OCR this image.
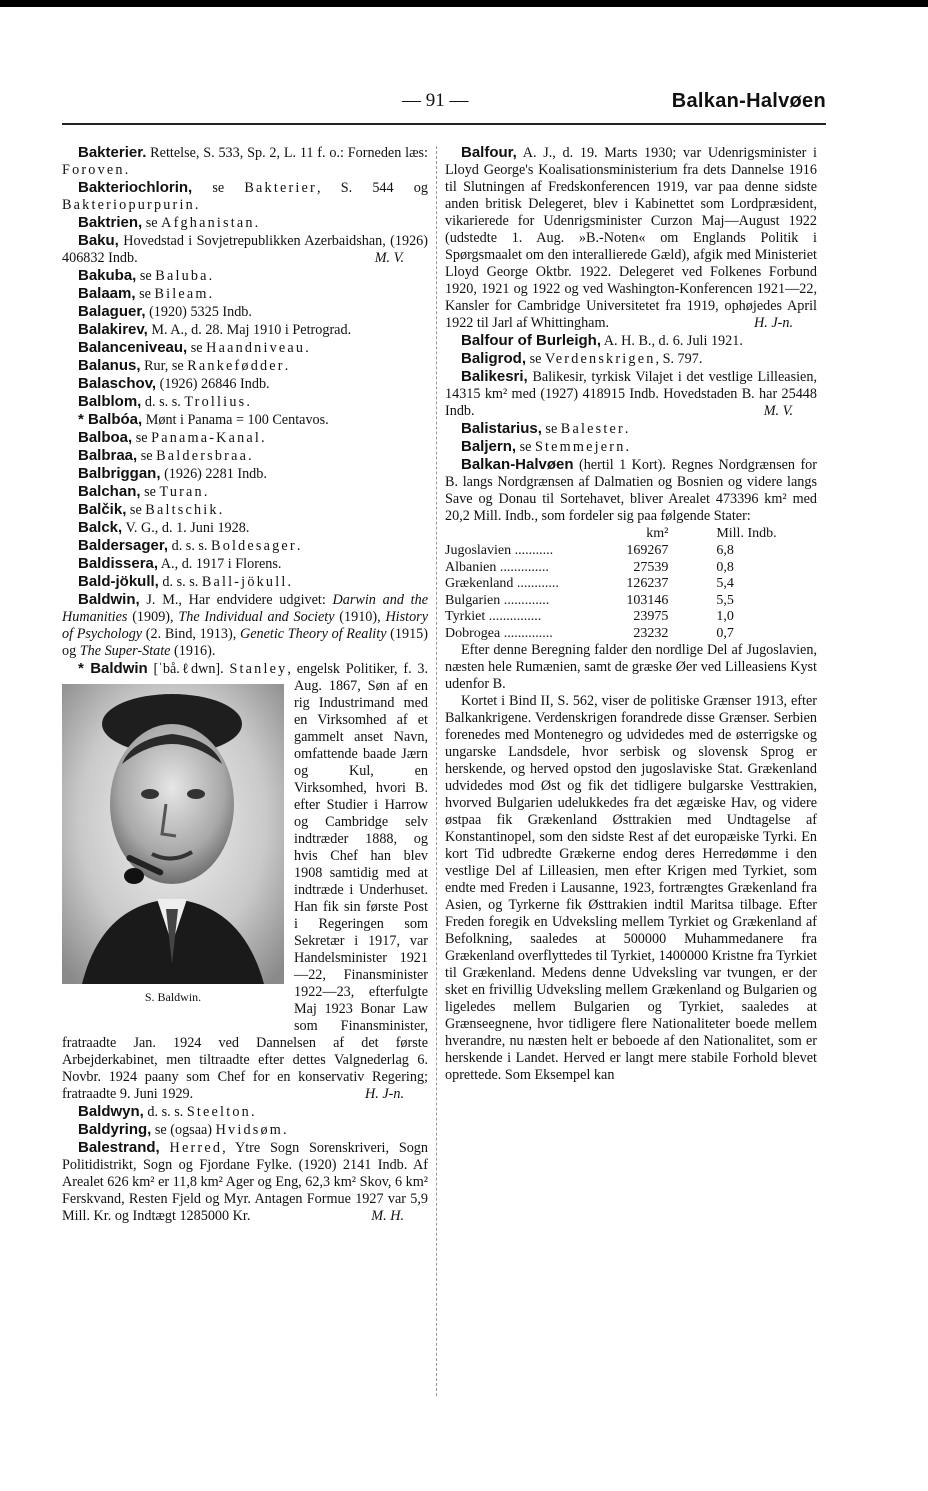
— 91 —	Balkan-Halvøen

Bakterier. Rettelse, S. 533, Sp. 2, L. 11 f. o.: Forneden læs: Foroven.

Bakteriochlorin, se Bakterier, S. 544 og Bakteriopurpurin.

Baktrien, se Afghanistan.

Baku, Hovedstad i Sovjetrepublikken Azerbaidshan, (1926) 406832 Indb.	M. V.

Bakuba, se Baluba.

Balaam, se Bileam.

Balaguer, (1920) 5325 Indb.

Balakirev, M. A., d. 28. Maj 1910 i Petrograd.

Balanceniveau, se Haandniveau.

Balanus, Rur, se Rankefødder.

Balaschov, (1926) 26846 Indb.

Balblom, d. s. s. Trollius.

* Balbóa, Mønt i Panama = 100 Centavos.

Balboa, se Panama-Kanal.

Balbraa, se Baldersbraa.

Balbriggan, (1926) 2281 Indb.

Balchan, se Turan.

Balčik, se Baltschik.

Balck, V. G., d. 1. Juni 1928.

Baldersager, d. s. s. Boldesager.

Baldissera, A., d. 1917 i Florens.

Bald-jökull, d. s. s. Ball-jökull.

Baldwin, J. M., Har endvidere udgivet: Darwin and the Humanities (1909), The Individual and Society (1910), History of Psychology (2. Bind, 1913), Genetic Theory of Reality (1915) og The Super-State (1916).

* Baldwin [ˈbå.ℓdwn]. Stanley, engelsk Politiker, f. 3. Aug. 1867, Søn af
en rig Industrimand med en Virksomhed af et gammelt anset Navn, omfattende baade Jærn og Kul, en Virksomhed, hvori B. efter Studier i Harrow og Cambridge selv indtræder 1888, og hvis Chef han blev 1908 samtidig med at indtræde i Underhuset. Han fik sin første Post i Regeringen som Sekretær i 1917, var Handelsminister 1921—22, Finansminister 1922—23, efterfulgte Maj 1923 Bonar Law som Finansminister, fratraadte Jan. 1924 ved Dannelsen af det første Arbejderkabinet, men tiltraadte efter dettes Valgnederlag 6. Novbr. 1924 paany som Chef for en konservativ Regering; fratraadte 9. Juni 1929.	H. J-n.

Baldwyn, d. s. s. Steelton.

Baldyring, se (ogsaa) Hvidsøm.

Balestrand, Herred, Ytre Sogn Sorenskriveri, Sogn Politidistrikt, Sogn og Fjordane Fylke. (1920) 2141 Indb. Af Arealet 626 km² er 11,8 km² Ager og Eng, 62,3 km² Skov, 6 km² Ferskvand, Resten Fjeld og Myr. Antagen Formue 1927 var 5,9 Mill. Kr. og Indtægt 1285000 Kr.	M. H.

S. Baldwin.

Balfour, A. J., d. 19. Marts 1930; var Udenrigsminister i Lloyd George's Koalisationsministerium fra dets Dannelse 1916 til Slutningen af Fredskonferencen 1919, var paa denne sidste anden britisk Delegeret, blev i Kabinettet som Lordpræsident, vikarierede for Udenrigsminister Curzon Maj—August 1922 (udstedte 1. Aug. »B.-Noten« om Englands Politik i Spørgsmaalet om den interallierede Gæld), afgik med Ministeriet Lloyd George Oktbr. 1922. Delegeret ved Folkenes Forbund 1920, 1921 og 1922 og ved Washington-Konferencen 1921—22, Kansler for Cambridge Universitetet fra 1919, ophøjedes April 1922 til Jarl af Whittingham.	H. J-n.

Balfour of Burleigh, A. H. B., d. 6. Juli 1921.

Baligrod, se Verdenskrigen, S. 797.

Balikesri, Balikesir, tyrkisk Vilajet i det vestlige Lilleasien, 14315 km² med (1927) 418915 Indb. Hovedstaden B. har 25448 Indb.	M. V.

Balistarius, se Balester.

Baljern, se Stemmejern.

Balkan-Halvøen (hertil 1 Kort). Regnes Nordgrænsen for B. langs Nordgrænsen af Dalmatien og Bosnien og videre langs Save og Donau til Sortehavet, bliver Arealet 473396 km² med 20,2 Mill. Indb., som fordeler sig paa følgende Stater:

	km²	Mill. Indb.
Jugoslavien ...........	169267	6,8
Albanien ..............	27539	0,8
Grækenland ............	126237	5,4
Bulgarien .............	103146	5,5
Tyrkiet ...............	23975	1,0
Dobrogea ..............	23232	0,7

Efter denne Beregning falder den nordlige Del af Jugoslavien, næsten hele Rumænien, samt de græske Øer ved Lilleasiens Kyst udenfor B.

Kortet i Bind II, S. 562, viser de politiske Grænser 1913, efter Balkankrigene. Verdenskrigen forandrede disse Grænser. Serbien forenedes med Montenegro og udvidedes med de østerrigske og ungarske Landsdele, hvor serbisk og slovensk Sprog er herskende, og herved opstod den jugoslaviske Stat. Grækenland udvidedes mod Øst og fik det tidligere bulgarske Vesttrakien, hvorved Bulgarien udelukkedes fra det ægæiske Hav, og videre østpaa fik Grækenland Østtrakien med Undtagelse af Konstantinopel, som den sidste Rest af det europæiske Tyrki. En kort Tid udbredte Grækerne endog deres Herredømme i den vestlige Del af Lilleasien, men efter Krigen med Tyrkiet, som endte med Freden i Lausanne, 1923, fortrængtes Grækenland fra Asien, og Tyrkerne fik Østtrakien indtil Maritsa tilbage. Efter Freden foregik en Udveksling mellem Tyrkiet og Grækenland af Befolkning, saaledes at 500000 Muhammedanere fra Grækenland overflyttedes til Tyrkiet, 1400000 Kristne fra Tyrkiet til Grækenland. Medens denne Udveksling var tvungen, er der sket en frivillig Udveksling mellem Grækenland og Bulgarien og ligeledes mellem Bulgarien og Tyrkiet, saaledes at Grænseegnene, hvor tidligere flere Nationaliteter boede mellem hverandre, nu næsten helt er beboede af den Nationalitet, som er herskende i Landet. Herved er langt mere stabile Forhold blevet oprettede. Som Eksempel kan
